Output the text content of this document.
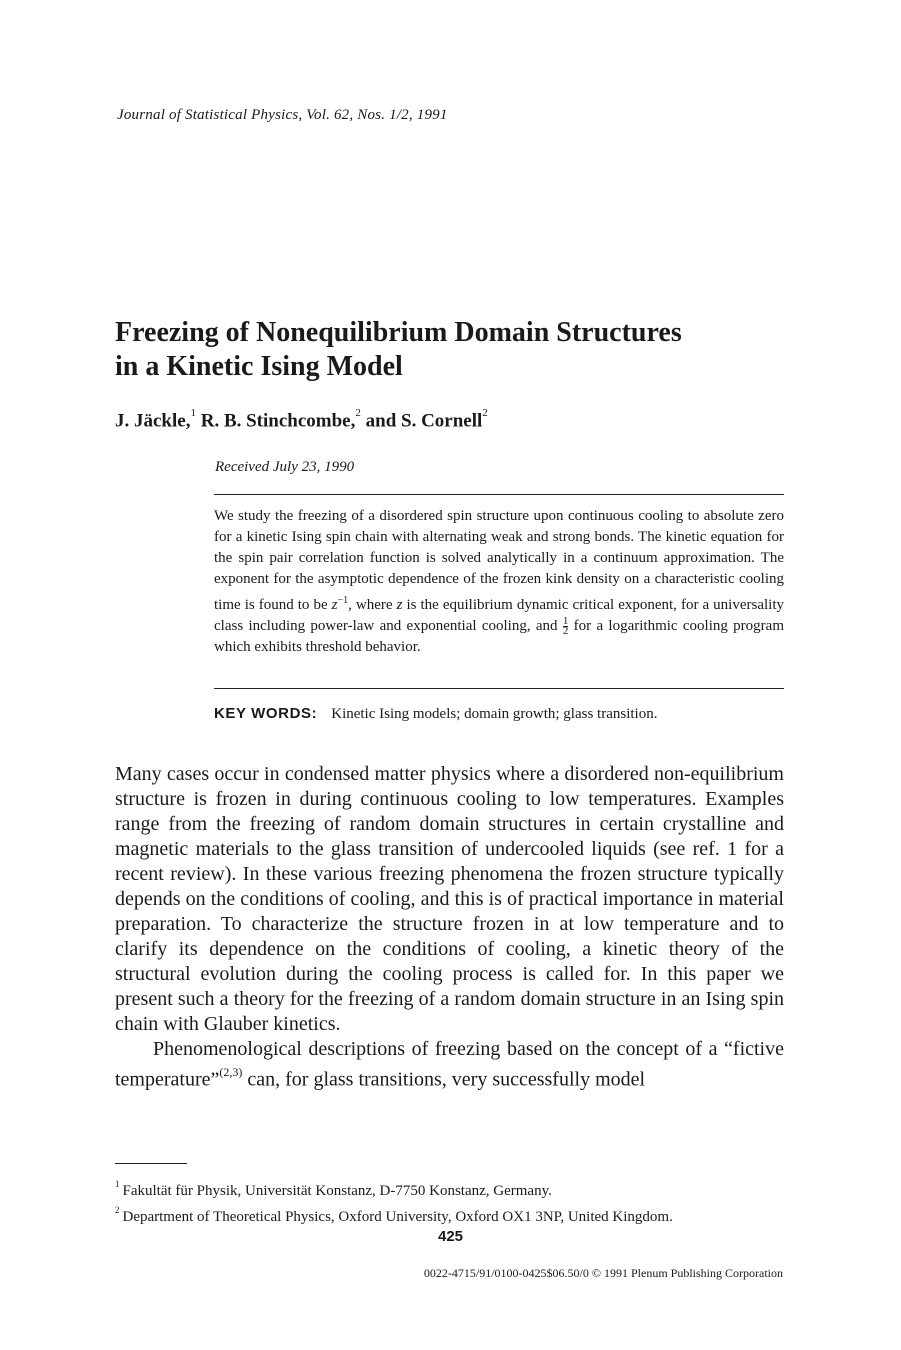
Journal of Statistical Physics, Vol. 62, Nos. 1/2, 1991
Freezing of Nonequilibrium Domain Structures
in a Kinetic Ising Model
J. Jäckle,$^1$ R. B. Stinchcombe,$^2$ and S. Cornell$^2$
Received July 23, 1990

We study the freezing of a disordered spin structure upon continuous cooling to absolute zero for a kinetic Ising spin chain with alternating weak and strong bonds. The kinetic equation for the spin pair correlation function is solved analytically in a continuum approximation. The exponent for the asymptotic dependence of the frozen kink density on a characteristic cooling time is found to be $z^{-1}$, where z is the equilibrium dynamic critical exponent, for a universality class including power-law and exponential cooling, and $\frac{1}{2}$ for a logarithmic cooling program which exhibits threshold behavior.

KEY WORDS: Kinetic Ising models; domain growth; glass transition.

Many cases occur in condensed matter physics where a disordered non-equilibrium structure is frozen in during continuous cooling to low temperatures. Examples range from the freezing of random domain structures in certain crystalline and magnetic materials to the glass transition of undercooled liquids (see ref. 1 for a recent review). In these various freezing phenomena the frozen structure typically depends on the conditions of cooling, and this is of practical importance in material preparation. To characterize the structure frozen in at low temperature and to clarify its dependence on the conditions of cooling, a kinetic theory of the structural evolution during the cooling process is called for. In this paper we present such a theory for the freezing of a random domain structure in an Ising spin chain with Glauber kinetics.

Phenomenological descriptions of freezing based on the concept of a “fictive temperature”$^{(2,3)}$ can, for glass transitions, very successfully model

$^1$ Fakultät für Physik, Universität Konstanz, D-7750 Konstanz, Germany.
$^2$ Department of Theoretical Physics, Oxford University, Oxford OX1 3NP, United Kingdom.
425
0022-4715/91/0100-0425$06.50/0 © 1991 Plenum Publishing Corporation
